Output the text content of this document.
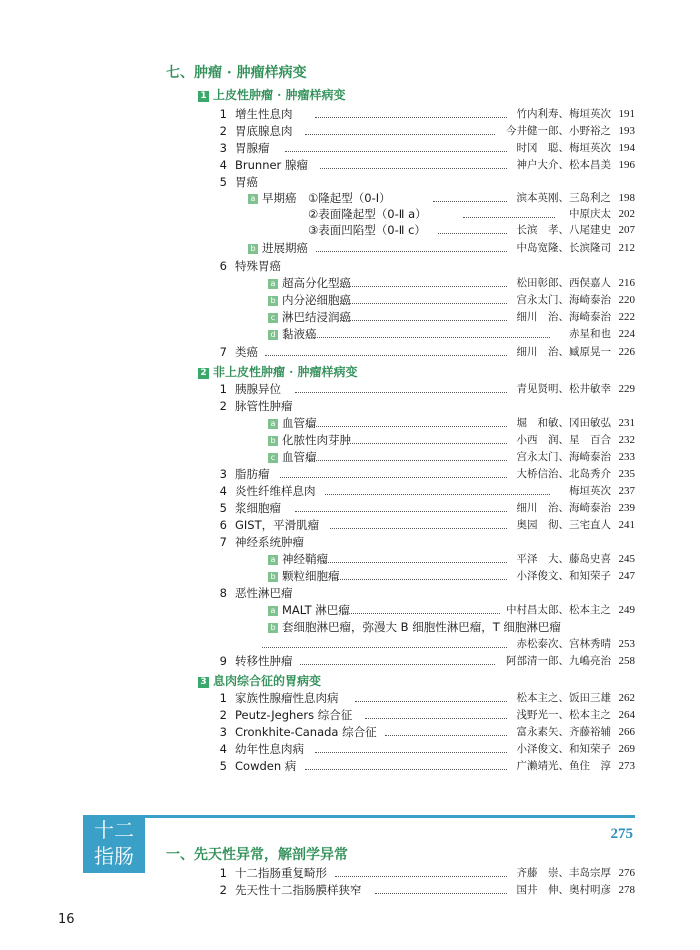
七、肿瘤 · 肿瘤样病变
1 上皮性肿瘤 · 肿瘤样病变
1 增生性息肉	竹内利寿、梅垣英次 191
2 胃底腺息肉	今井健一郎、小野裕之 193
3 胃腺瘤	时冈　聪、梅垣英次 194
4 Brunner 腺瘤	神户大介、松本昌美 196
5 胃癌
a 早期癌 ①隆起型（0-Ⅰ）	滨本英刚、三岛利之 198
②表面隆起型（0-Ⅱ a）	中原庆太 202
③表面凹陷型（0-Ⅱ c）	长滨　孝、八尾建史 207
b 进展期癌	中岛宽隆、长滨隆司 212
6 特殊胃癌
a 超高分化型癌	松田彰郎、西俣嘉人 216
b 内分泌细胞癌	宫永太门、海崎泰治 220
c 淋巴结浸润癌	细川　治、海崎泰治 222
d 黏液癌	赤星和也 224
7 类癌	细川　治、臧原晃一 226
2 非上皮性肿瘤 · 肿瘤样病变
1 胰腺异位	青见贤明、松井敏幸 229
2 脉管性肿瘤
a 血管瘤	堀　和敏、冈田敏弘 231
b 化脓性肉芽肿	小西　润、星　百合 232
c 血管瘤	宫永太门、海崎泰治 233
3 脂肪瘤	大桥信治、北岛秀介 235
4 炎性纤维样息肉	梅垣英次 237
5 浆细胞瘤	细川　治、海崎泰治 239
6 GIST，平滑肌瘤	奥园　彻、三宅直人 241
7 神经系统肿瘤
a 神经鞘瘤	平泽　大、藤岛史喜 245
b 颗粒细胞瘤	小泽俊文、和知荣子 247
8 恶性淋巴瘤
a MALT 淋巴瘤	中村昌太郎、松本主之 249
b 套细胞淋巴瘤，弥漫大 B 细胞性淋巴瘤，T 细胞淋巴瘤
赤松泰次、宫林秀晴 253
9 转移性肿瘤	阿部清一郎、九嶋亮治 258
3 息肉综合征的胃病变
1 家族性腺瘤性息肉病	松本主之、饭田三雄 262
2 Peutz-Jeghers 综合征	浅野光一、松本主之 264
3 Cronkhite-Canada 综合征	富永素矢、齐藤裕辅 266
4 幼年性息肉病	小泽俊文、和知荣子 269
5 Cowden 病	广濑靖光、鱼住　淳 273
十二
指肠
275
一、先天性异常，解剖学异常
1 十二指肠重复畸形	齐藤　崇、丰岛宗厚 276
2 先天性十二指肠膜样狭窄	国井　伸、奥村明彦 278
16
